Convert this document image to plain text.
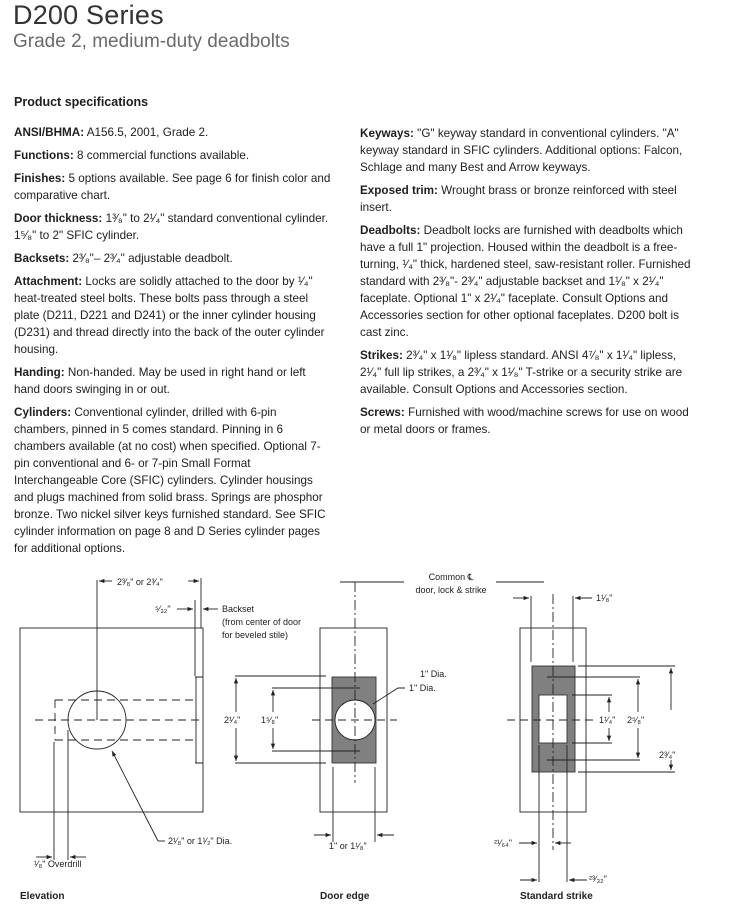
D200 Series
Grade 2, medium-duty deadbolts
Product specifications

ANSI/BHMA: A156.5, 2001, Grade 2.

Functions: 8 commercial functions available.

Finishes: 5 options available. See page 6 for finish color and comparative chart.

Door thickness: 1³⁄₈" to 2¹⁄₄" standard conventional cylinder. 1⁵⁄₈" to 2" SFIC cylinder.

Backsets: 2³⁄₈"– 2³⁄₄" adjustable deadbolt.

Attachment: Locks are solidly attached to the door by ¹⁄₄" heat-treated steel bolts. These bolts pass through a steel plate (D211, D221 and D241) or the inner cylinder housing (D231) and thread directly into the back of the outer cylinder housing.

Handing: Non-handed. May be used in right hand or left hand doors swinging in or out.

Cylinders: Conventional cylinder, drilled with 6-pin chambers, pinned in 5 comes standard. Pinning in 6 chambers available (at no cost) when specified. Optional 7-pin conventional and 6- or 7-pin Small Format Interchangeable Core (SFIC) cylinders. Cylinder housings and plugs machined from solid brass. Springs are phosphor bronze. Two nickel silver keys furnished standard. See SFIC cylinder information on page 8 and D Series cylinder pages for additional options.

Keyways: "G" keyway standard in conventional cylinders. "A" keyway standard in SFIC cylinders. Additional options: Falcon, Schlage and many Best and Arrow keyways.

Exposed trim: Wrought brass or bronze reinforced with steel insert.

Deadbolts: Deadbolt locks are furnished with deadbolts which have a full 1" projection. Housed within the deadbolt is a free-turning, ¹⁄₄" thick, hardened steel, saw-resistant roller. Furnished standard with 2³⁄₈"- 2³⁄₄" adjustable backset and 1¹⁄₈" x 2¹⁄₄" faceplate. Optional 1" x 2¹⁄₄" faceplate. Consult Options and Accessories section for other optional faceplates. D200 bolt is cast zinc.

Strikes: 2³⁄₄" x 1¹⁄₈" lipless standard. ANSI 4⁷⁄₈" x 1¹⁄₄" lipless, 2¹⁄₄" full lip strikes, a 2³⁄₄" x 1¹⁄₈" T-strike or a security strike are available. Consult Options and Accessories section.

Screws: Furnished with wood/machine screws for use on wood or metal doors or frames.

2³⁄₈" or 2³⁄₄"
⁵⁄₃₂"	Backset
(from center of door
for beveled stile)
2¹⁄₈" or 1¹⁄₂" Dia.
¹⁄₈" Overdrill
Elevation
2¹⁄₄" 1⁵⁄₈"
1" Dia.
1" Dia.
1" or 1¹⁄₈"
Common ℄
door, lock & strike
Door edge
1¹⁄₈"
1¹⁄₄" 2⁵⁄₈"
2³⁄₄"
²¹⁄₆₄"
²³⁄₃₂"
Standard strike
